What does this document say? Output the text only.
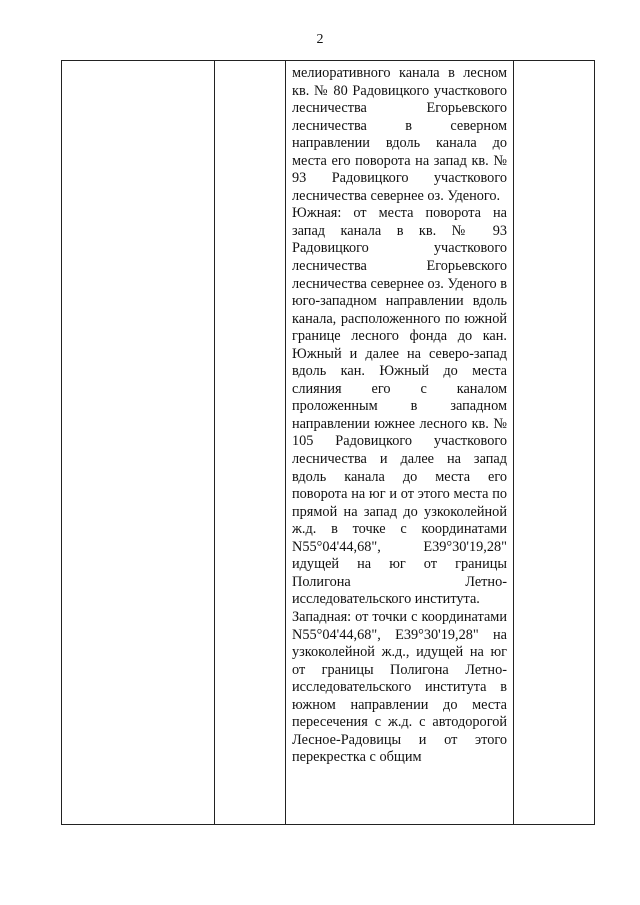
2

мелиоративного канала в лесном кв. № 80 Радовицкого участкового лесничества Егорьевского лесничества в северном направлении вдоль канала до места его поворота на запад кв. № 93 Радовицкого участкового лесничества севернее оз. Уденого.

Южная: от места поворота на запад канала в кв. № 93 Радовицкого участкового лесничества Егорьевского лесничества севернее оз. Уденого в юго-западном направлении вдоль канала, расположенного по южной границе лесного фонда до кан. Южный и далее на северо-запад вдоль кан. Южный до места слияния его с каналом проложенным в западном направлении южнее лесного кв. № 105 Радовицкого участкового лесничества и далее на запад вдоль канала до места его поворота на юг и от этого места по прямой на запад до узкоколейной ж.д. в точке с координатами N55°04'44,68", E39°30'19,28" идущей на юг от границы Полигона Летно-исследовательского института.

Западная: от точки с координатами N55°04'44,68", E39°30'19,28" на узкоколейной ж.д., идущей на юг от границы Полигона Летно-исследовательского института в южном направлении до места пересечения с ж.д. с автодорогой Лесное-Радовицы и от этого перекрестка с общим
